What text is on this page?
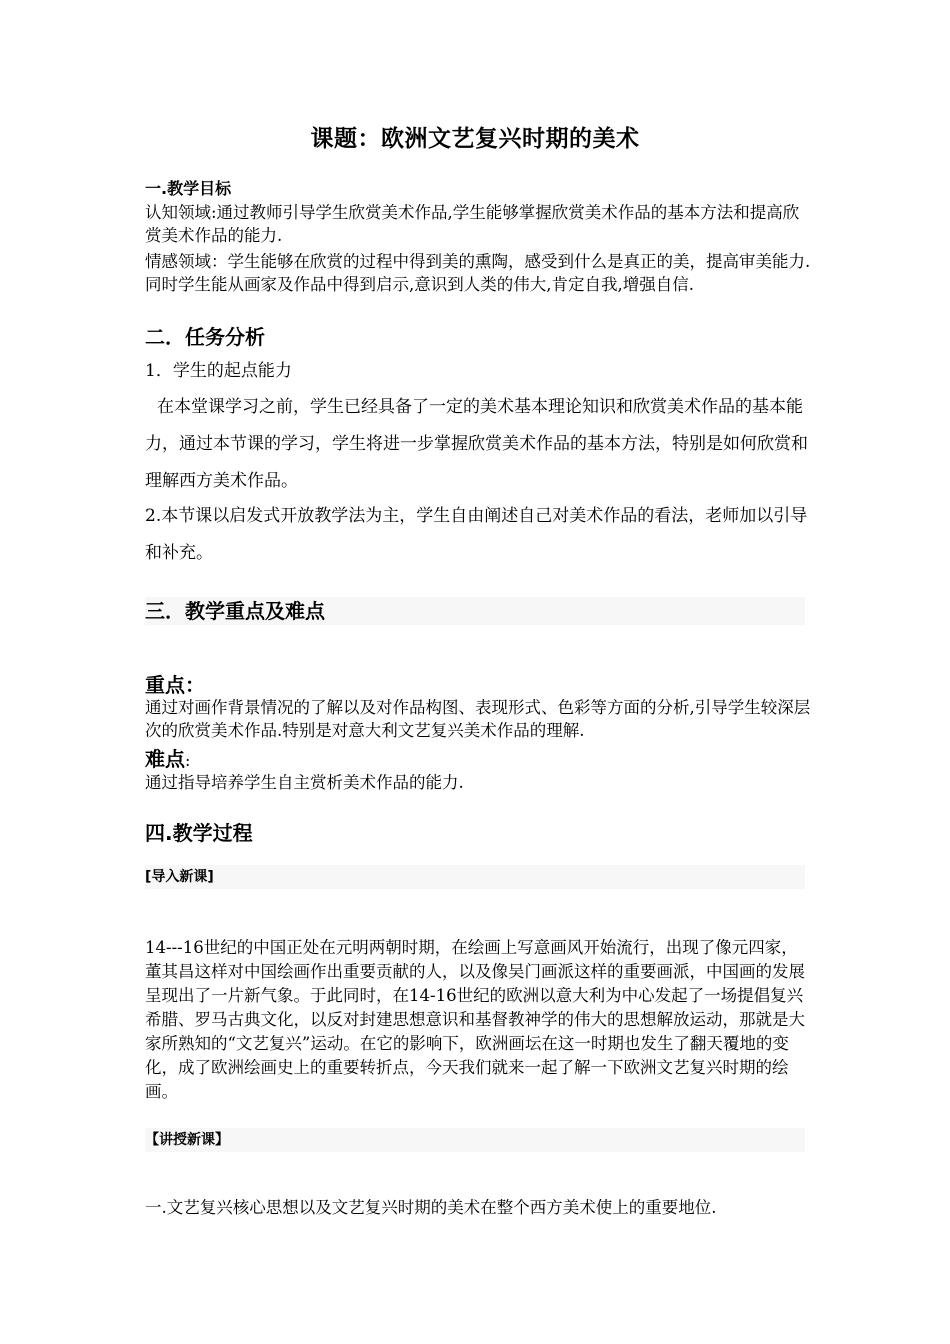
课题：欧洲文艺复兴时期的美术
一.教学目标
认知领域:通过教师引导学生欣赏美术作品,学生能够掌握欣赏美术作品的基本方法和提高欣赏美术作品的能力.
情感领域：学生能够在欣赏的过程中得到美的熏陶，感受到什么是真正的美，提高审美能力.同时学生能从画家及作品中得到启示,意识到人类的伟大,肯定自我,增强自信.
二．任务分析
1．学生的起点能力
在本堂课学习之前，学生已经具备了一定的美术基本理论知识和欣赏美术作品的基本能力，通过本节课的学习，学生将进一步掌握欣赏美术作品的基本方法，特别是如何欣赏和理解西方美术作品。
2.本节课以启发式开放教学法为主，学生自由阐述自己对美术作品的看法，老师加以引导和补充。
三．教学重点及难点
重点：
通过对画作背景情况的了解以及对作品构图、表现形式、色彩等方面的分析,引导学生较深层次的欣赏美术作品.特别是对意大利文艺复兴美术作品的理解.
难点:
通过指导培养学生自主赏析美术作品的能力.
四.教学过程
[导入新课]
14---16世纪的中国正处在元明两朝时期，在绘画上写意画风开始流行，出现了像元四家，董其昌这样对中国绘画作出重要贡献的人，以及像吴门画派这样的重要画派，中国画的发展呈现出了一片新气象。于此同时，在14-16世纪的欧洲以意大利为中心发起了一场提倡复兴希腊、罗马古典文化，以反对封建思想意识和基督教神学的伟大的思想解放运动，那就是大家所熟知的“文艺复兴”运动。在它的影响下，欧洲画坛在这一时期也发生了翻天覆地的变化，成了欧洲绘画史上的重要转折点，今天我们就来一起了解一下欧洲文艺复兴时期的绘画。
【讲授新课】
一.文艺复兴核心思想以及文艺复兴时期的美术在整个西方美术使上的重要地位.
